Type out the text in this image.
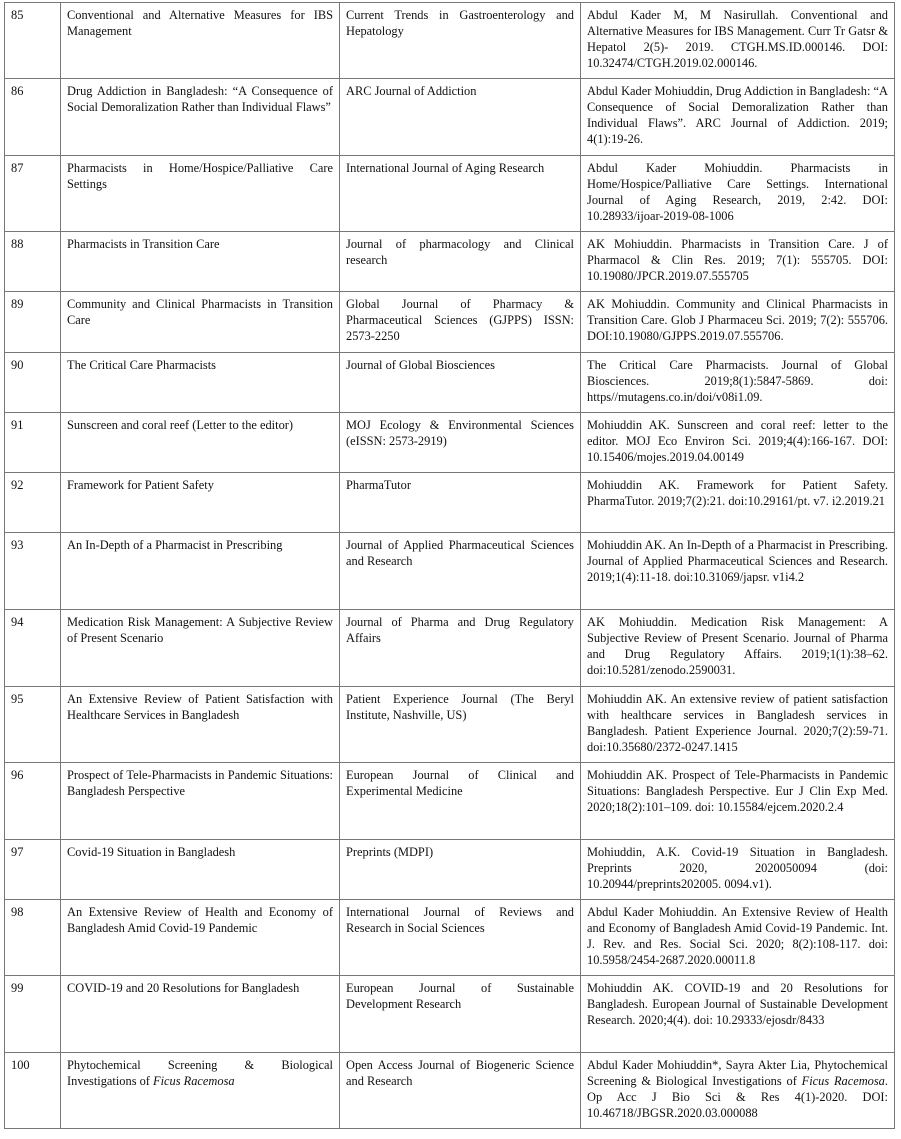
85	Conventional and Alternative Measures for IBS Management	Current Trends in Gastroenterology and Hepatology	Abdul Kader M, M Nasirullah. Conventional and Alternative Measures for IBS Management. Curr Tr Gatsr & Hepatol 2(5)- 2019. CTGH.MS.ID.000146. DOI: 10.32474/CTGH.2019.02.000146.
86	Drug Addiction in Bangladesh: “A Consequence of Social Demoralization Rather than Individual Flaws”	ARC Journal of Addiction	Abdul Kader Mohiuddin, Drug Addiction in Bangladesh: “A Consequence of Social Demoralization Rather than Individual Flaws”. ARC Journal of Addiction. 2019; 4(1):19-26.
87	Pharmacists in Home/Hospice/Palliative Care Settings	International Journal of Aging Research	Abdul Kader Mohiuddin. Pharmacists in Home/Hospice/Palliative Care Settings. International Journal of Aging Research, 2019, 2:42. DOI: 10.28933/ijoar-2019-08-1006
88	Pharmacists in Transition Care	Journal of pharmacology and Clinical research	AK Mohiuddin. Pharmacists in Transition Care. J of Pharmacol & Clin Res. 2019; 7(1): 555705. DOI: 10.19080/JPCR.2019.07.555705
89	Community and Clinical Pharmacists in Transition Care	Global Journal of Pharmacy & Pharmaceutical Sciences (GJPPS) ISSN: 2573-2250	AK Mohiuddin. Community and Clinical Pharmacists in Transition Care. Glob J Pharmaceu Sci. 2019; 7(2): 555706. DOI:10.19080/GJPPS.2019.07.555706.
90	The Critical Care Pharmacists	Journal of Global Biosciences	The Critical Care Pharmacists. Journal of Global Biosciences. 2019;8(1):5847-5869. doi: https//mutagens.co.in/doi/v08i1.09.
91	Sunscreen and coral reef (Letter to the editor)	MOJ Ecology & Environmental Sciences (eISSN: 2573-2919)	Mohiuddin AK. Sunscreen and coral reef: letter to the editor. MOJ Eco Environ Sci. 2019;4(4):166-167. DOI: 10.15406/mojes.2019.04.00149
92	Framework for Patient Safety	PharmaTutor	Mohiuddin AK. Framework for Patient Safety. PharmaTutor. 2019;7(2):21. doi:10.29161/pt. v7. i2.2019.21
93	An In-Depth of a Pharmacist in Prescribing	Journal of Applied Pharmaceutical Sciences and Research	Mohiuddin AK. An In-Depth of a Pharmacist in Prescribing. Journal of Applied Pharmaceutical Sciences and Research. 2019;1(4):11-18. doi:10.31069/japsr. v1i4.2
94	Medication Risk Management: A Subjective Review of Present Scenario	Journal of Pharma and Drug Regulatory Affairs	AK Mohiuddin. Medication Risk Management: A Subjective Review of Present Scenario. Journal of Pharma and Drug Regulatory Affairs. 2019;1(1):38–62. doi:10.5281/zenodo.2590031.
95	An Extensive Review of Patient Satisfaction with Healthcare Services in Bangladesh	Patient Experience Journal (The Beryl Institute, Nashville, US)	Mohiuddin AK. An extensive review of patient satisfaction with healthcare services in Bangladesh services in Bangladesh. Patient Experience Journal. 2020;7(2):59-71. doi:10.35680/2372-0247.1415
96	Prospect of Tele-Pharmacists in Pandemic Situations: Bangladesh Perspective	European Journal of Clinical and Experimental Medicine	Mohiuddin AK. Prospect of Tele-Pharmacists in Pandemic Situations: Bangladesh Perspective. Eur J Clin Exp Med. 2020;18(2):101–109. doi: 10.15584/ejcem.2020.2.4
97	Covid-19 Situation in Bangladesh	Preprints (MDPI)	Mohiuddin, A.K. Covid-19 Situation in Bangladesh. Preprints 2020, 2020050094 (doi: 10.20944/preprints202005. 0094.v1).
98	An Extensive Review of Health and Economy of Bangladesh Amid Covid-19 Pandemic	International Journal of Reviews and Research in Social Sciences	Abdul Kader Mohiuddin. An Extensive Review of Health and Economy of Bangladesh Amid Covid-19 Pandemic. Int. J. Rev. and Res. Social Sci. 2020; 8(2):108-117. doi: 10.5958/2454-2687.2020.00011.8
99	COVID-19 and 20 Resolutions for Bangladesh	European Journal of Sustainable Development Research	Mohiuddin AK. COVID-19 and 20 Resolutions for Bangladesh. European Journal of Sustainable Development Research. 2020;4(4). doi: 10.29333/ejosdr/8433
100	Phytochemical Screening & Biological Investigations of Ficus Racemosa	Open Access Journal of Biogeneric Science and Research	Abdul Kader Mohiuddin*, Sayra Akter Lia, Phytochemical Screening & Biological Investigations of Ficus Racemosa. Op Acc J Bio Sci & Res 4(1)-2020. DOI: 10.46718/JBGSR.2020.03.000088
